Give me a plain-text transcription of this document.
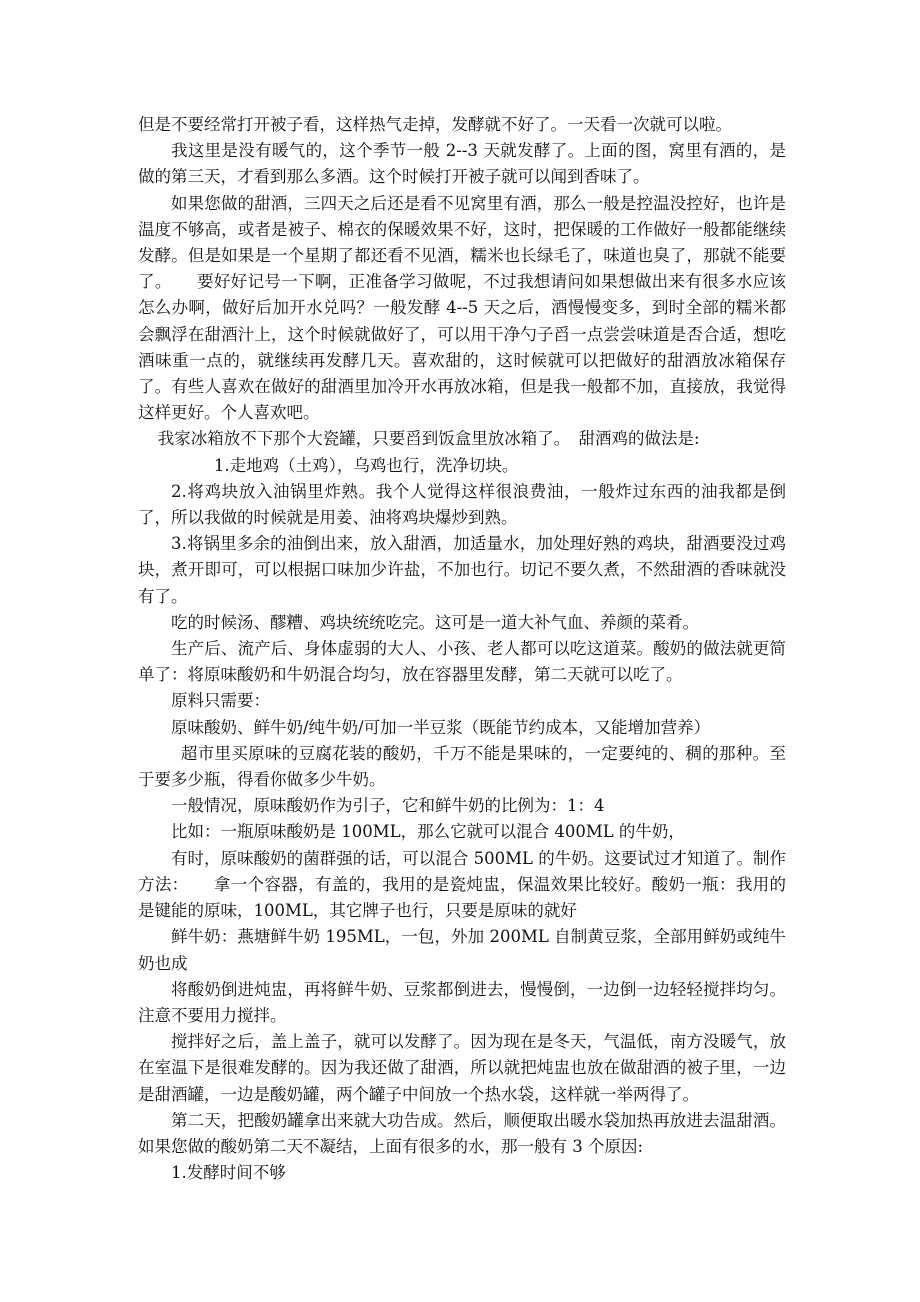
但是不要经常打开被子看，这样热气走掉，发酵就不好了。一天看一次就可以啦。

我这里是没有暖气的，这个季节一般 2--3 天就发酵了。上面的图，窝里有酒的，是做的第三天，才看到那么多酒。这个时候打开被子就可以闻到香味了。

如果您做的甜酒，三四天之后还是看不见窝里有酒，那么一般是控温没控好，也许是温度不够高，或者是被子、棉衣的保暖效果不好，这时，把保暖的工作做好一般都能继续发酵。但是如果是一个星期了都还看不见酒，糯米也长绿毛了，味道也臭了，那就不能要了。　　要好好记号一下啊，正准备学习做呢，不过我想请问如果想做出来有很多水应该怎么办啊，做好后加开水兑吗？一般发酵 4--5 天之后，酒慢慢变多，到时全部的糯米都会飘浮在甜酒汁上，这个时候就做好了，可以用干净勺子舀一点尝尝味道是否合适，想吃酒味重一点的，就继续再发酵几天。喜欢甜的，这时候就可以把做好的甜酒放冰箱保存了。有些人喜欢在做好的甜酒里加冷开水再放冰箱，但是我一般都不加，直接放，我觉得这样更好。个人喜欢吧。

我家冰箱放不下那个大瓷罐，只要舀到饭盒里放冰箱了。　甜酒鸡的做法是:

1.走地鸡（土鸡），乌鸡也行，洗净切块。

2.将鸡块放入油锅里炸熟。我个人觉得这样很浪费油，一般炸过东西的油我都是倒了，所以我做的时候就是用姜、油将鸡块爆炒到熟。

3.将锅里多余的油倒出来，放入甜酒，加适量水，加处理好熟的鸡块，甜酒要没过鸡块，煮开即可，可以根据口味加少许盐，不加也行。切记不要久煮，不然甜酒的香味就没有了。

吃的时候汤、醪糟、鸡块统统吃完。这可是一道大补气血、养颜的菜肴。

生产后、流产后、身体虚弱的大人、小孩、老人都可以吃这道菜。酸奶的做法就更简单了：将原味酸奶和牛奶混合均匀，放在容器里发酵，第二天就可以吃了。

原料只需要：

原味酸奶、鲜牛奶/纯牛奶/可加一半豆浆（既能节约成本，又能增加营养）

超市里买原味的豆腐花装的酸奶，千万不能是果味的，一定要纯的、稠的那种。至于要多少瓶，得看你做多少牛奶。

一般情况，原味酸奶作为引子，它和鲜牛奶的比例为：1：4

比如：一瓶原味酸奶是 100ML，那么它就可以混合 400ML 的牛奶，

有时，原味酸奶的菌群强的话，可以混合 500ML 的牛奶。这要试过才知道了。制作方法：　　拿一个容器，有盖的，我用的是瓷炖盅，保温效果比较好。酸奶一瓶：我用的是键能的原味，100ML，其它牌子也行，只要是原味的就好

鲜牛奶：燕塘鲜牛奶 195ML，一包，外加 200ML 自制黄豆浆，全部用鲜奶或纯牛奶也成

将酸奶倒进炖盅，再将鲜牛奶、豆浆都倒进去，慢慢倒，一边倒一边轻轻搅拌均匀。注意不要用力搅拌。

搅拌好之后，盖上盖子，就可以发酵了。因为现在是冬天，气温低，南方没暖气，放在室温下是很难发酵的。因为我还做了甜酒，所以就把炖盅也放在做甜酒的被子里，一边是甜酒罐，一边是酸奶罐，两个罐子中间放一个热水袋，这样就一举两得了。

第二天，把酸奶罐拿出来就大功告成。然后，顺便取出暖水袋加热再放进去温甜酒。如果您做的酸奶第二天不凝结，上面有很多的水，那一般有 3 个原因:

1.发酵时间不够
